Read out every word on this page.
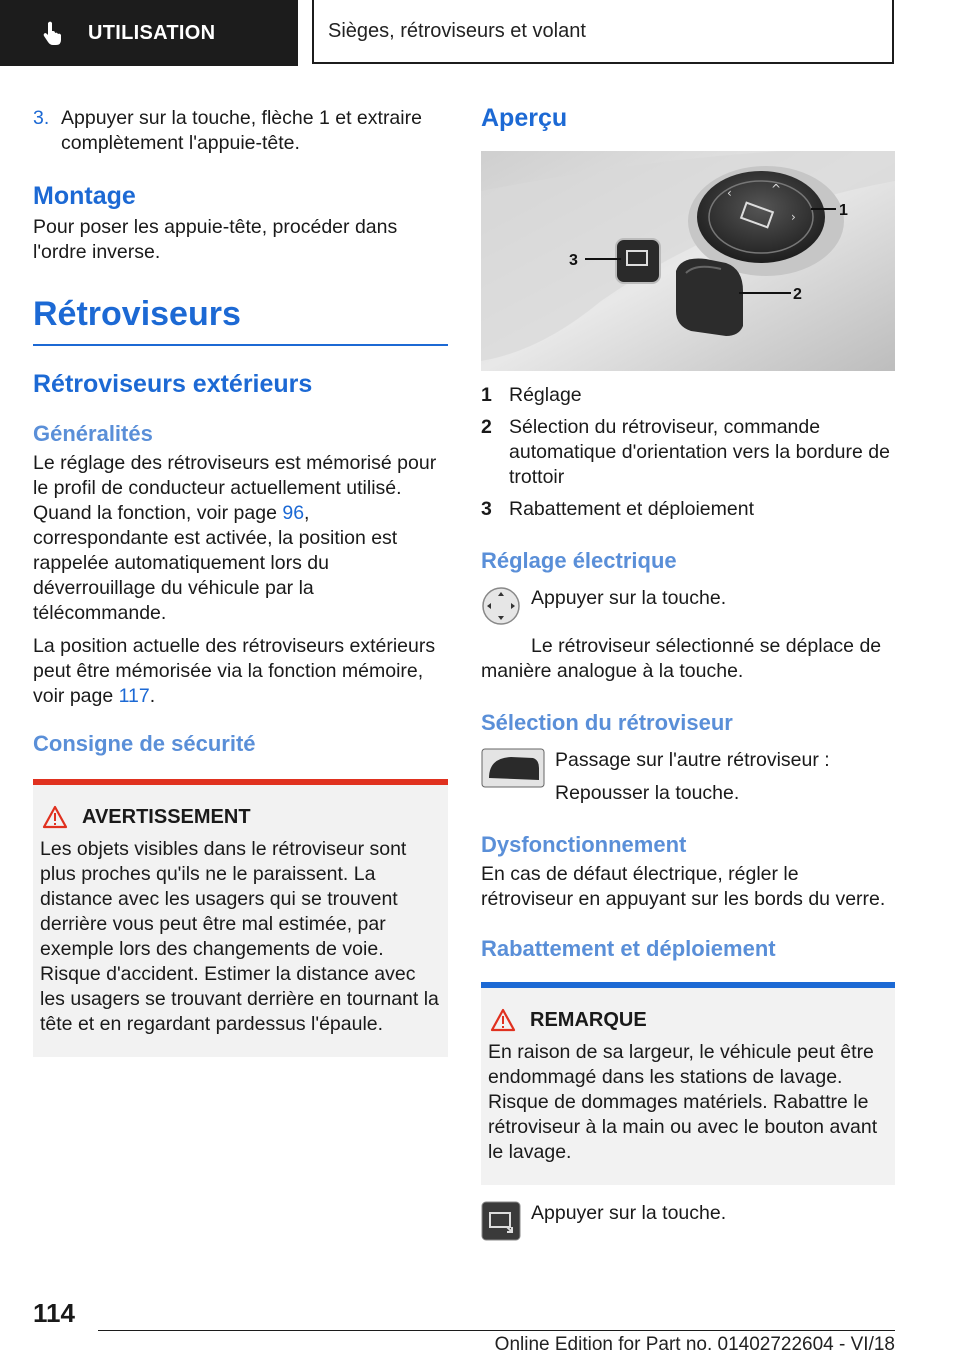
UTILISATION	Sièges, rétroviseurs et volant
3. Appuyer sur la touche, flèche 1 et extraire complètement l'appuie-tête.

Montage

Pour poser les appuie-tête, procéder dans l'ordre inverse.

Rétroviseurs
Rétroviseurs extérieurs
Généralités

Le réglage des rétroviseurs est mémorisé pour le profil de conducteur actuellement utilisé. Quand la fonction, voir page 96, correspondante est activée, la position est rappelée automatiquement lors du déverrouillage du véhicule par la télécommande.

La position actuelle des rétroviseurs extérieurs peut être mémorisée via la fonction mémoire, voir page 117.

Consigne de sécurité
AVERTISSEMENT

Les objets visibles dans le rétroviseur sont plus proches qu'ils ne le paraissent. La distance avec les usagers qui se trouvent derrière vous peut être mal estimée, par exemple lors des changements de voie. Risque d'accident. Estimer la distance avec les usagers se trouvant derrière en tournant la tête et en regardant pardessus l'épaule.

Aperçu
‹	^
›	1
2
3
1 Réglage
2 Sélection du rétroviseur, commande automatique d'orientation vers la bordure de trottoir
3 Rabattement et déploiement
Réglage électrique

Appuyer sur la touche.

Le rétroviseur sélectionné se déplace de manière analogue à la touche.

Sélection du rétroviseur

Passage sur l'autre rétroviseur :

Repousser la touche.

Dysfonctionnement

En cas de défaut électrique, régler le rétroviseur en appuyant sur les bords du verre.

Rabattement et déploiement
REMARQUE

En raison de sa largeur, le véhicule peut être endommagé dans les stations de lavage. Risque de dommages matériels. Rabattre le rétroviseur à la main ou avec le bouton avant le lavage.

Appuyer sur la touche.

114
Online Edition for Part no. 01402722604 - VI/18
